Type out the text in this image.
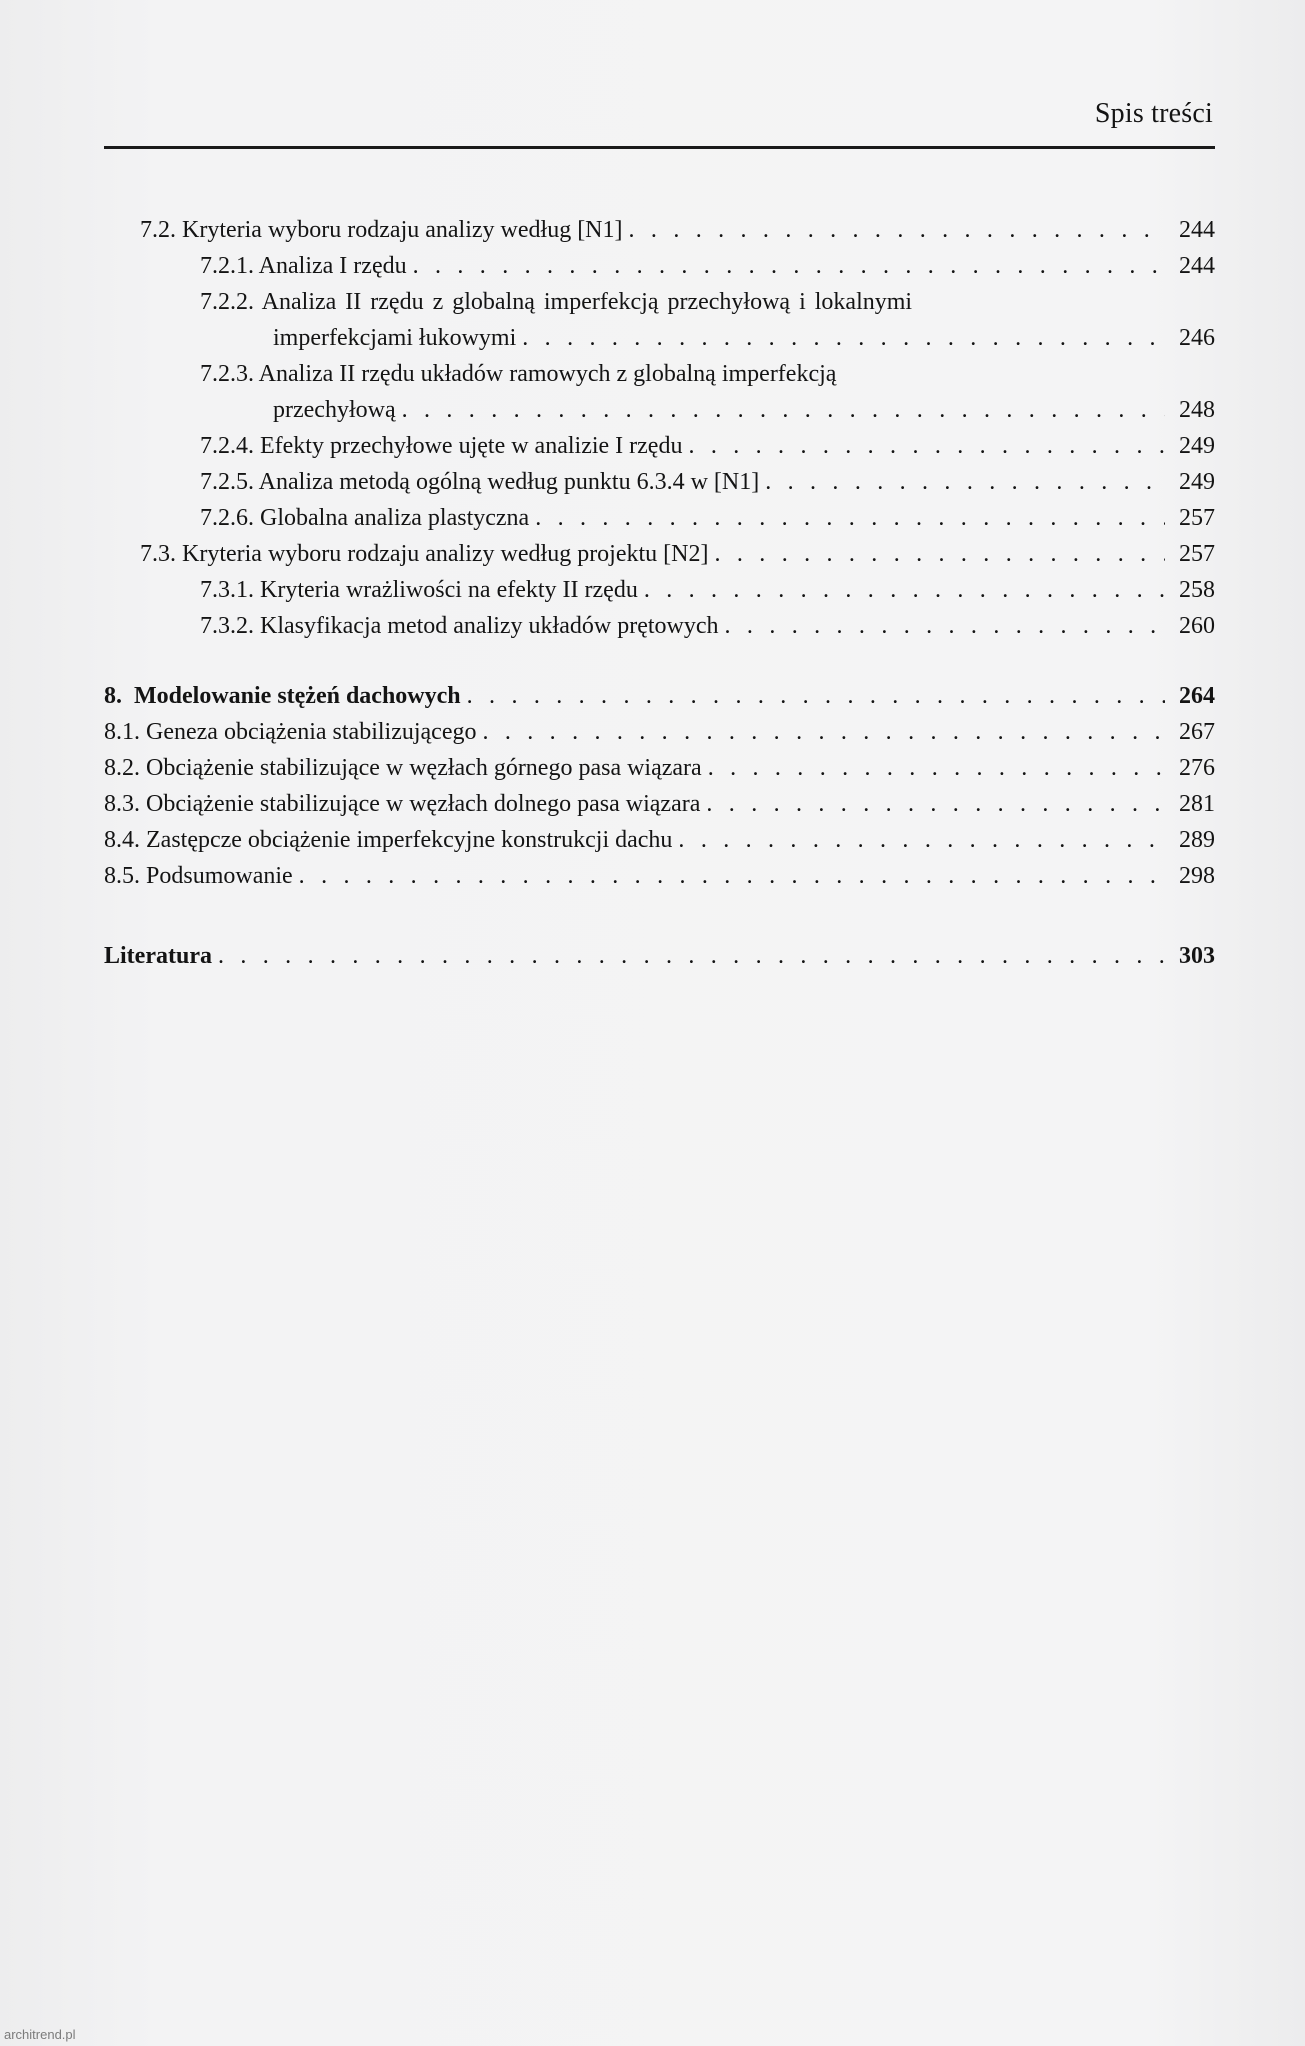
Spis treści
7.2. Kryteria wyboru rodzaju analizy według [N1] . . .	244
7.2.1. Analiza I rzędu . . .	244
7.2.2. Analiza II rzędu z globalną imperfekcją przechyłową i lokalnymi
imperfekcjami łukowymi . . .	246
7.2.3. Analiza II rzędu układów ramowych z globalną imperfekcją
przechyłową . . .	248
7.2.4. Efekty przechyłowe ujęte w analizie I rzędu . . .	249
7.2.5. Analiza metodą ogólną według punktu 6.3.4 w [N1] . . .	249
7.2.6. Globalna analiza plastyczna . . .	257
7.3. Kryteria wyboru rodzaju analizy według projektu [N2] . . .	257
7.3.1. Kryteria wrażliwości na efekty II rzędu . . .	258
7.3.2. Klasyfikacja metod analizy układów prętowych . . .	260
8.  Modelowanie stężeń dachowych . . .	264
8.1. Geneza obciążenia stabilizującego . . .	267
8.2. Obciążenie stabilizujące w węzłach górnego pasa wiązara . . .	276
8.3. Obciążenie stabilizujące w węzłach dolnego pasa wiązara . . .	281
8.4. Zastępcze obciążenie imperfekcyjne konstrukcji dachu . . .	289
8.5. Podsumowanie . . .	298
Literatura . . .	303
architrend.pl
